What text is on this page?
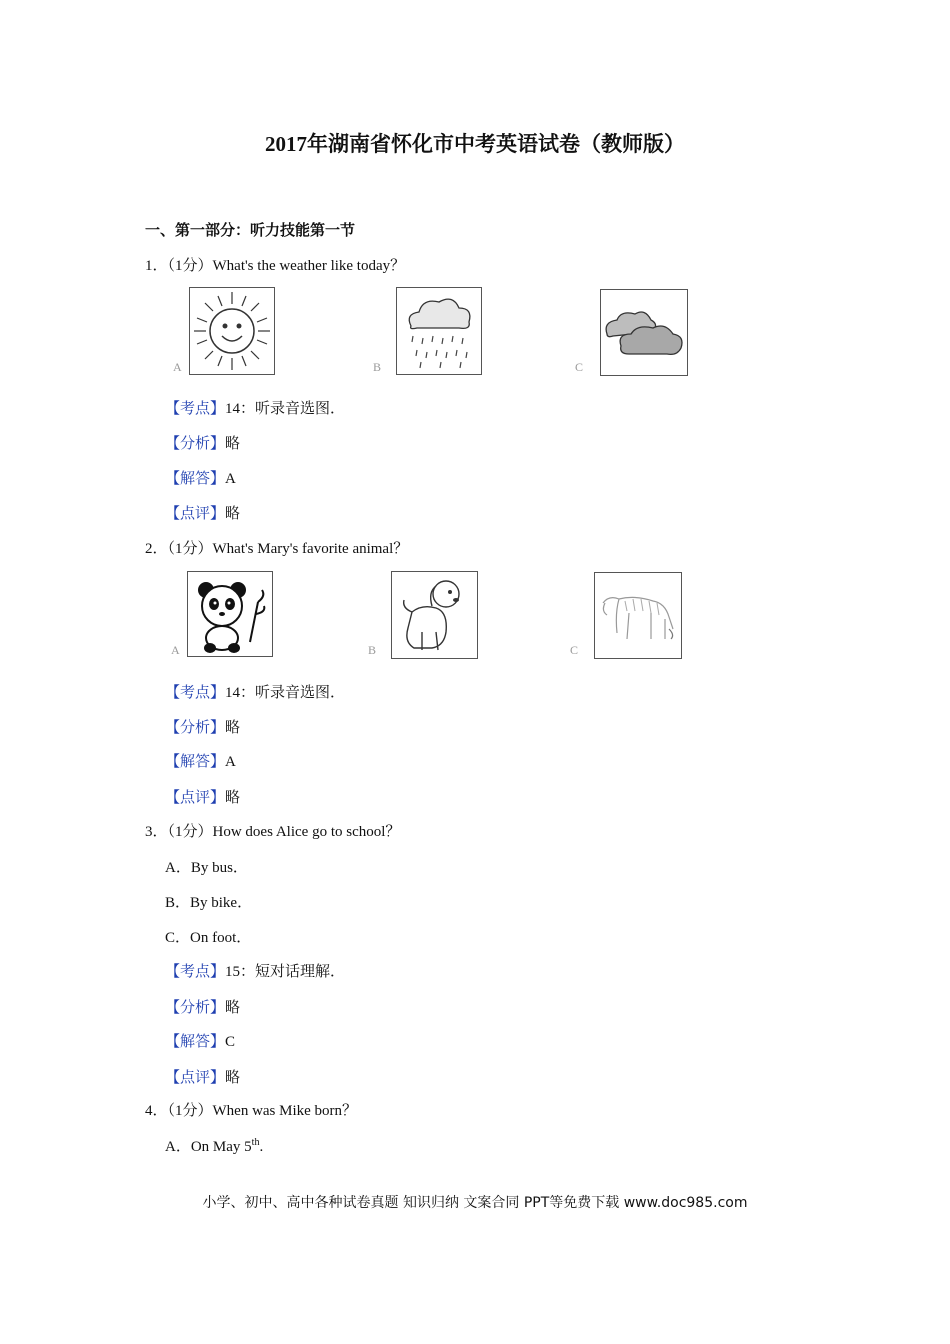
2017年湖南省怀化市中考英语试卷（教师版）
一、第一部分：听力技能第一节
1．（1分）What's the weather like today？
A	B	C
【考点】14：听录音选图．
【分析】略
【解答】A
【点评】略
2．（1分）What's Mary's favorite animal？
A	B	C
【考点】14：听录音选图．
【分析】略
【解答】A
【点评】略
3．（1分）How does Alice go to school？
A．By bus．
B．By bike．
C．On foot．
【考点】15：短对话理解．
【分析】略
【解答】C
【点评】略
4．（1分）When was Mike born？
A．On May 5th.
小学、初中、高中各种试卷真题 知识归纳 文案合同 PPT等免费下载 www.doc985.com
